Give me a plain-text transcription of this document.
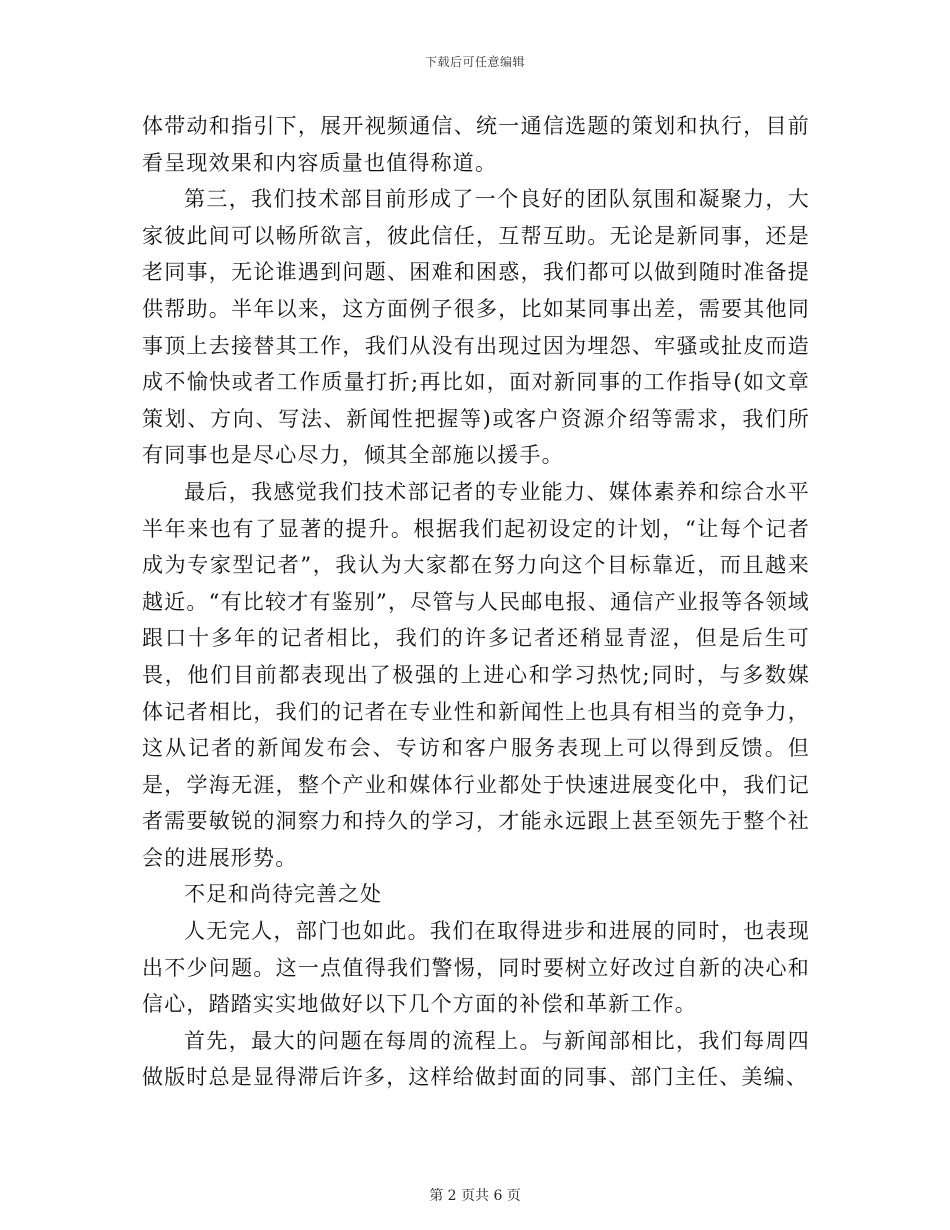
下载后可任意编辑

体带动和指引下，展开视频通信、统一通信选题的策划和执行，目前看呈现效果和内容质量也值得称道。

第三，我们技术部目前形成了一个良好的团队氛围和凝聚力，大家彼此间可以畅所欲言，彼此信任，互帮互助。无论是新同事，还是老同事，无论谁遇到问题、困难和困惑，我们都可以做到随时准备提供帮助。半年以来，这方面例子很多，比如某同事出差，需要其他同事顶上去接替其工作，我们从没有出现过因为埋怨、牢骚或扯皮而造成不愉快或者工作质量打折;再比如，面对新同事的工作指导(如文章策划、方向、写法、新闻性把握等)或客户资源介绍等需求，我们所有同事也是尽心尽力，倾其全部施以援手。

最后，我感觉我们技术部记者的专业能力、媒体素养和综合水平半年来也有了显著的提升。根据我们起初设定的计划，“让每个记者成为专家型记者”，我认为大家都在努力向这个目标靠近，而且越来越近。“有比较才有鉴别”，尽管与人民邮电报、通信产业报等各领域跟口十多年的记者相比，我们的许多记者还稍显青涩，但是后生可畏，他们目前都表现出了极强的上进心和学习热忱;同时，与多数媒体记者相比，我们的记者在专业性和新闻性上也具有相当的竞争力，这从记者的新闻发布会、专访和客户服务表现上可以得到反馈。但是，学海无涯，整个产业和媒体行业都处于快速进展变化中，我们记者需要敏锐的洞察力和持久的学习，才能永远跟上甚至领先于整个社会的进展形势。

不足和尚待完善之处

人无完人，部门也如此。我们在取得进步和进展的同时，也表现出不少问题。这一点值得我们警惕，同时要树立好改过自新的决心和信心，踏踏实实地做好以下几个方面的补偿和革新工作。

首先，最大的问题在每周的流程上。与新闻部相比，我们每周四做版时总是显得滞后许多，这样给做封面的同事、部门主任、美编、

第 2 页共 6 页
